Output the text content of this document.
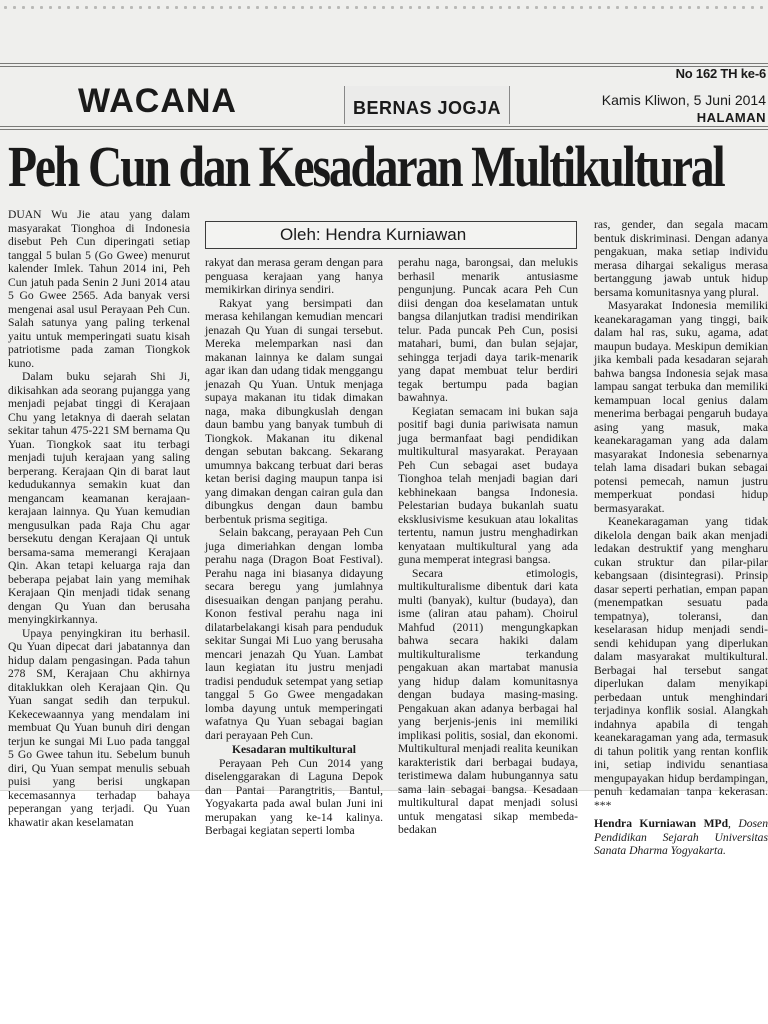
No 162 TH ke-6
WACANA	BERNAS JOGJA	Kamis Kliwon, 5 Juni 2014
HALAMAN
Peh Cun dan Kesadaran Multikultural
Oleh: Hendra Kurniawan

DUAN Wu Jie atau yang dalam masyarakat Tionghoa di Indonesia disebut Peh Cun diperingati setiap tanggal 5 bulan 5 (Go Gwee) menurut kalender Imlek. Tahun 2014 ini, Peh Cun jatuh pada Senin 2 Juni 2014 atau 5 Go Gwee 2565. Ada banyak versi mengenai asal usul Perayaan Peh Cun. Salah satunya yang paling terkenal yaitu untuk memperingati suatu kisah patriotisme pada zaman Tiongkok kuno.

Dalam buku sejarah Shi Ji, dikisahkan ada seorang pujangga yang menjadi pejabat tinggi di Kerajaan Chu yang letaknya di daerah selatan sekitar tahun 475-221 SM bernama Qu Yuan. Tiongkok saat itu terbagi menjadi tujuh kerajaan yang saling berperang. Kerajaan Qin di barat laut kedudukannya semakin kuat dan mengancam keamanan kerajaan-kerajaan lainnya. Qu Yuan kemudian mengusulkan pada Raja Chu agar bersekutu dengan Kerajaan Qi untuk bersama-sama memerangi Kerajaan Qin. Akan tetapi keluarga raja dan beberapa pejabat lain yang memihak Kerajaan Qin menjadi tidak senang dengan Qu Yuan dan berusaha menyingkirkannya.

Upaya penyingkiran itu berhasil. Qu Yuan dipecat dari jabatannya dan hidup dalam pengasingan. Pada tahun 278 SM, Kerajaan Chu akhirnya ditaklukkan oleh Kerajaan Qin. Qu Yuan sangat sedih dan terpukul. Kekecewaannya yang mendalam ini membuat Qu Yuan bunuh diri dengan terjun ke sungai Mi Luo pada tanggal 5 Go Gwee tahun itu. Sebelum bunuh diri, Qu Yuan sempat menulis sebuah puisi yang berisi ungkapan kecemasannya terhadap bahaya peperangan yang terjadi. Qu Yuan khawatir akan keselamatan

rakyat dan merasa geram dengan para penguasa kerajaan yang hanya memikirkan dirinya sendiri.

Rakyat yang bersimpati dan merasa kehilangan kemudian mencari jenazah Qu Yuan di sungai tersebut. Mereka melemparkan nasi dan makanan lainnya ke dalam sungai agar ikan dan udang tidak menggangu jenazah Qu Yuan. Untuk menjaga supaya makanan itu tidak dimakan naga, maka dibungkuslah dengan daun bambu yang banyak tumbuh di Tiongkok. Makanan itu dikenal dengan sebutan bakcang. Sekarang umumnya bakcang terbuat dari beras ketan berisi daging maupun tanpa isi yang dimakan dengan cairan gula dan dibungkus dengan daun bambu berbentuk prisma segitiga.

Selain bakcang, perayaan Peh Cun juga dimeriahkan dengan lomba perahu naga (Dragon Boat Festival). Perahu naga ini biasanya didayung secara beregu yang jumlahnya disesuaikan dengan panjang perahu. Konon festival perahu naga ini dilatarbelakangi kisah para penduduk sekitar Sungai Mi Luo yang berusaha mencari jenazah Qu Yuan. Lambat laun kegiatan itu justru menjadi tradisi penduduk setempat yang setiap tanggal 5 Go Gwee mengadakan lomba dayung untuk memperingati wafatnya Qu Yuan sebagai bagian dari perayaan Peh Cun.

Kesadaran multikultural

Perayaan Peh Cun 2014 yang diselenggarakan di Laguna Depok dan Pantai Parangtritis, Bantul, Yogyakarta pada awal bulan Juni ini merupakan yang ke-14 kalinya. Berbagai kegiatan seperti lomba

perahu naga, barongsai, dan melukis berhasil menarik antusiasme pengunjung. Puncak acara Peh Cun diisi dengan doa keselamatan untuk bangsa dilanjutkan tradisi mendirikan telur. Pada puncak Peh Cun, posisi matahari, bumi, dan bulan sejajar, sehingga terjadi daya tarik-menarik yang dapat membuat telur berdiri tegak bertumpu pada bagian bawahnya.

Kegiatan semacam ini bukan saja positif bagi dunia pariwisata namun juga bermanfaat bagi pendidikan multikultural masyarakat. Perayaan Peh Cun sebagai aset budaya Tionghoa telah menjadi bagian dari kebhinekaan bangsa Indonesia. Pelestarian budaya bukanlah suatu eksklusivisme kesukuan atau lokalitas tertentu, namun justru menghadirkan kenyataan multikultural yang ada guna memperat integrasi bangsa.

Secara etimologis, multikulturalisme dibentuk dari kata multi (banyak), kultur (budaya), dan isme (aliran atau paham). Choirul Mahfud (2011) mengungkapkan bahwa secara hakiki dalam multikulturalisme terkandung pengakuan akan martabat manusia yang hidup dalam komunitasnya dengan budaya masing-masing. Pengakuan akan adanya berbagai hal yang berjenis-jenis ini memiliki implikasi politis, sosial, dan ekonomi. Multikultural menjadi realita keunikan karakteristik dari berbagai budaya, teristimewa dalam hubungannya satu sama lain sebagai bangsa. Kesadaan multikultural dapat menjadi solusi untuk mengatasi sikap membeda-bedakan

ras, gender, dan segala macam bentuk diskriminasi. Dengan adanya pengakuan, maka setiap individu merasa dihargai sekaligus merasa bertanggung jawab untuk hidup bersama komunitasnya yang plural.

Masyarakat Indonesia memiliki keanekaragaman yang tinggi, baik dalam hal ras, suku, agama, adat maupun budaya. Meskipun demikian jika kembali pada kesadaran sejarah bahwa bangsa Indonesia sejak masa lampau sangat terbuka dan memiliki kemampuan local genius dalam menerima berbagai pengaruh budaya asing yang masuk, maka keanekaragaman yang ada dalam masyarakat Indonesia sebenarnya telah lama disadari bukan sebagai potensi pemecah, namun justru memperkuat pondasi hidup bermasyarakat.

Keanekaragaman yang tidak dikelola dengan baik akan menjadi ledakan destruktif yang mengharu cukan struktur dan pilar-pilar kebangsaan (disintegrasi). Prinsip dasar seperti perhatian, empan papan (menempatkan sesuatu pada tempatnya), toleransi, dan keselarasan hidup menjadi sendi-sendi kehidupan yang diperlukan dalam masyarakat multikultural. Berbagai hal tersebut sangat diperlukan dalam menyikapi perbedaan untuk menghindari terjadinya konflik sosial. Alangkah indahnya apabila di tengah keanekaragaman yang ada, termasuk di tahun politik yang rentan konflik ini, setiap individu senantiasa mengupayakan hidup berdampingan, penuh kedamaian tanpa kekerasan. ***

Hendra Kurniawan MPd, Dosen Pendidikan Sejarah Universitas Sanata Dharma Yogyakarta.
